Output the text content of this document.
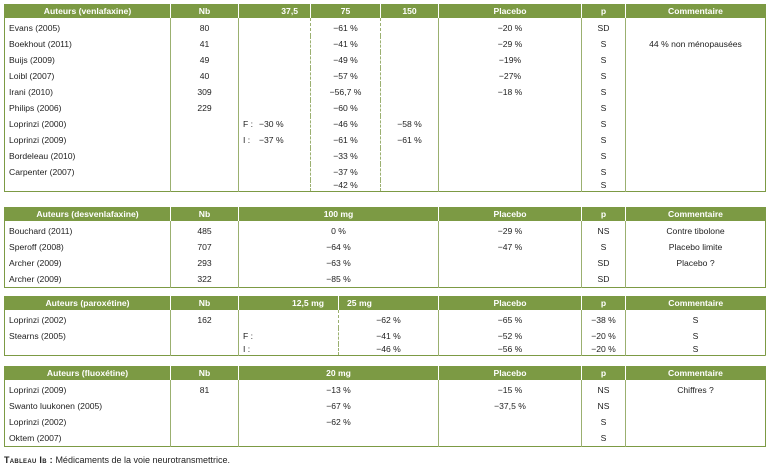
Auteurs (venlafaxine)	Nb	37,5	75	150	Placebo	p	Commentaire
Evans (2005)	80		−61 %		−20 %	SD	
Boekhout (2011)	41		−41 %		−29 %	S	44 % non ménopausées
Buijs (2009)	49		−49 %		−19%	S	
Loibl (2007)	40		−57 %		−27%	S	
Irani (2010)	309		−56,7 %		−18 %	S	
Philips (2006)	229		−60 %			S	
Loprinzi (2000)		F : −30 %	−46 %	−58 %		S	
Loprinzi (2009)		I : −37 %	−61 %	−61 %		S	
Bordeleau (2010)			−33 %			S	
Carpenter (2007)			−37 %			S	
			−42 %			S	
Auteurs (desvenlafaxine)	Nb	100 mg	Placebo	p	Commentaire
Bouchard (2011)	485	0 %	−29 %	NS	Contre tibolone
Speroff (2008)	707	−64 %	−47 %	S	Placebo limite
Archer (2009)	293	−63 %		SD	Placebo ?
Archer (2009)	322	−85 %		SD	
Auteurs (paroxétine)	Nb	12,5 mg	25 mg	Placebo	p	Commentaire	
Loprinzi (2002)	162		−62 %	−65 %	−38 %	S	
Stearns (2005)		F :	−41 %	−52 %	−20 %	S	
		I :	−46 %	−56 %	−20 %	S	
Auteurs (fluoxétine)	Nb	20 mg	Placebo	p	Commentaire
Loprinzi (2009)	81	−13 %	−15 %	NS	Chiffres ?
Swanto luukonen (2005)		−67 %	−37,5 %	NS	
Loprinzi (2002)		−62 %		S	
Oktem (2007)				S	
Tableau Ib : Médicaments de la voie neurotransmettrice.
